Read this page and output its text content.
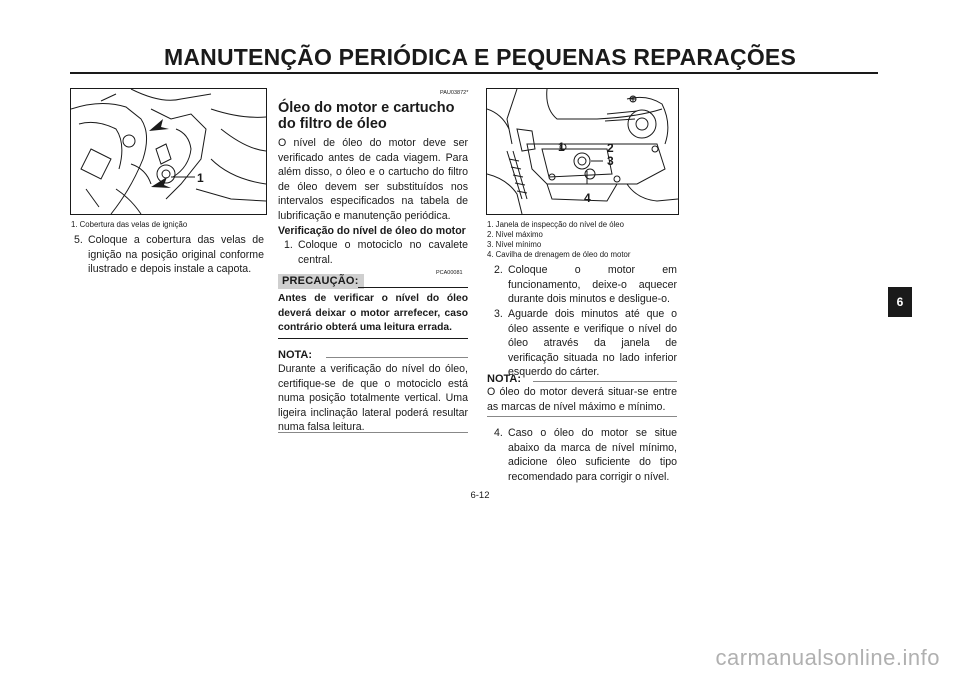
MANUTENÇÃO PERIÓDICA E PEQUENAS REPARAÇÕES
1
1. Cobertura das velas de ignição
5. Coloque a cobertura das velas de ignição na posição original conforme ilustrado e depois instale a capota.
PAU03872*
Óleo do motor e cartucho do filtro de óleo
O nível de óleo do motor deve ser verificado antes de cada viagem. Para além disso, o óleo e o cartucho do filtro de óleo devem ser substituídos nos intervalos especificados na tabela de lubrificação e manutenção periódica.
Verificação do nível de óleo do motor
1. Coloque o motociclo no cavalete central.
PCA00081
PRECAUÇÃO:
Antes de verificar o nível do óleo deverá deixar o motor arrefecer, caso contrário obterá uma leitura errada.
NOTA:
Durante a verificação do nível do óleo, certifique-se de que o motociclo está numa posição totalmente vertical. Uma ligeira inclinação lateral poderá resultar numa falsa leitura.
1	2
3
4
1. Janela de inspecção do nível de óleo
2. Nível máximo
3. Nível mínimo
4. Cavilha de drenagem de óleo do motor
2. Coloque o motor em funcionamento, deixe-o aquecer durante dois minutos e desligue-o.
3. Aguarde dois minutos até que o óleo assente e verifique o nível do óleo através da janela de verificação situada no lado inferior esquerdo do cárter.
NOTA:
O óleo do motor deverá situar-se entre as marcas de nível máximo e mínimo.
4. Caso o óleo do motor se situe abaixo da marca de nível mínimo, adicione óleo suficiente do tipo recomendado para corrigir o nível.
6
6-12
carmanualsonline.info
